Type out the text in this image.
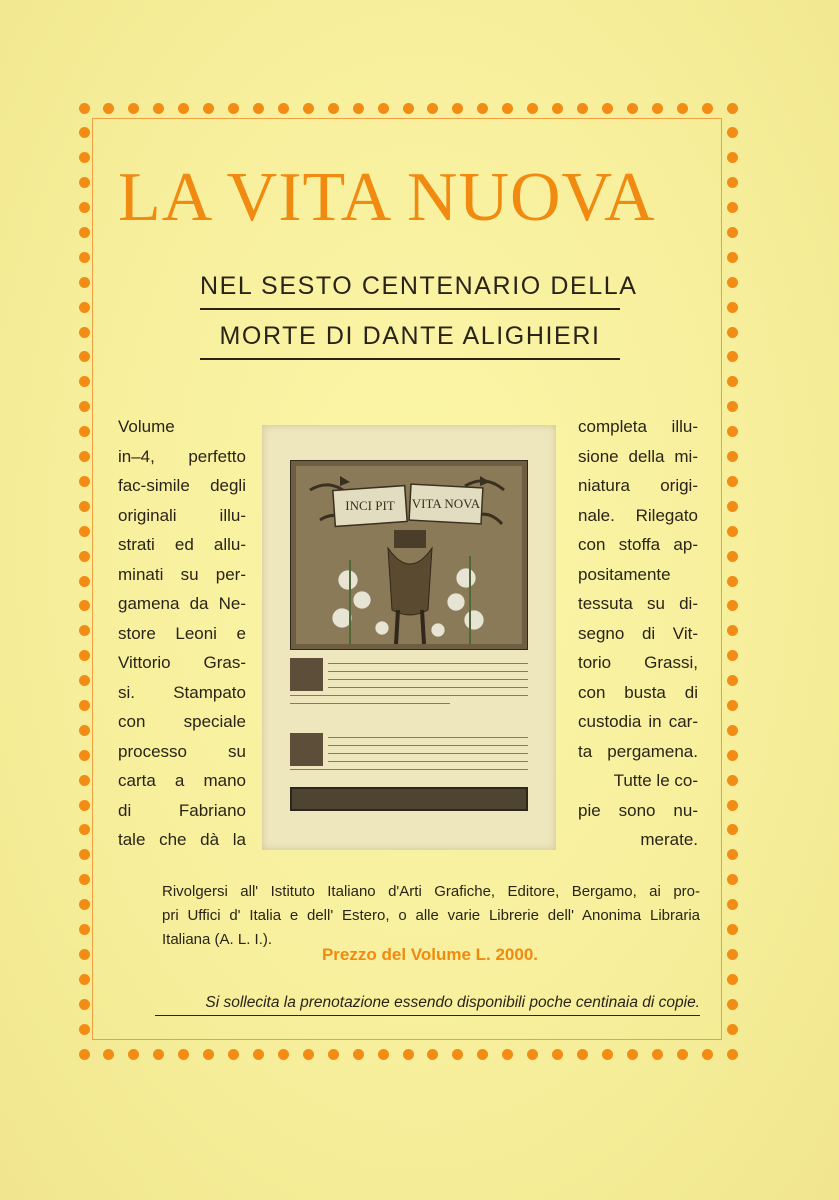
LA VITA NUOVA
NEL SESTO CENTENARIO DELLA
MORTE DI DANTE ALIGHIERI
Volume
in–4, perfetto
fac-simile degli
originali illu-
strati ed allu-
minati su per-
gamena da Ne-
store Leoni e
Vittorio Gras-
si. Stampato
con speciale
processo su
carta a mano
di Fabriano
tale che dà la
INCI PIT VITA NOVA
completa illu-
sione della mi-
niatura origi-
nale. Rilegato
con stoffa ap-
positamente
tessuta su di-
segno di Vit-
torio Grassi,
con busta di
custodia in car-
ta pergamena.
Tutte le co-
pie sono nu-
merate.
Rivolgersi all' Istituto Italiano d'Arti Grafiche, Editore, Bergamo, ai pro-
pri Uffici d' Italia e dell' Estero, o alle varie Librerie dell' Anonima Libraria
Italiana (A. L. I.).
Prezzo del Volume L. 2000.
Si sollecita la prenotazione essendo disponibili poche centinaia di copie.
